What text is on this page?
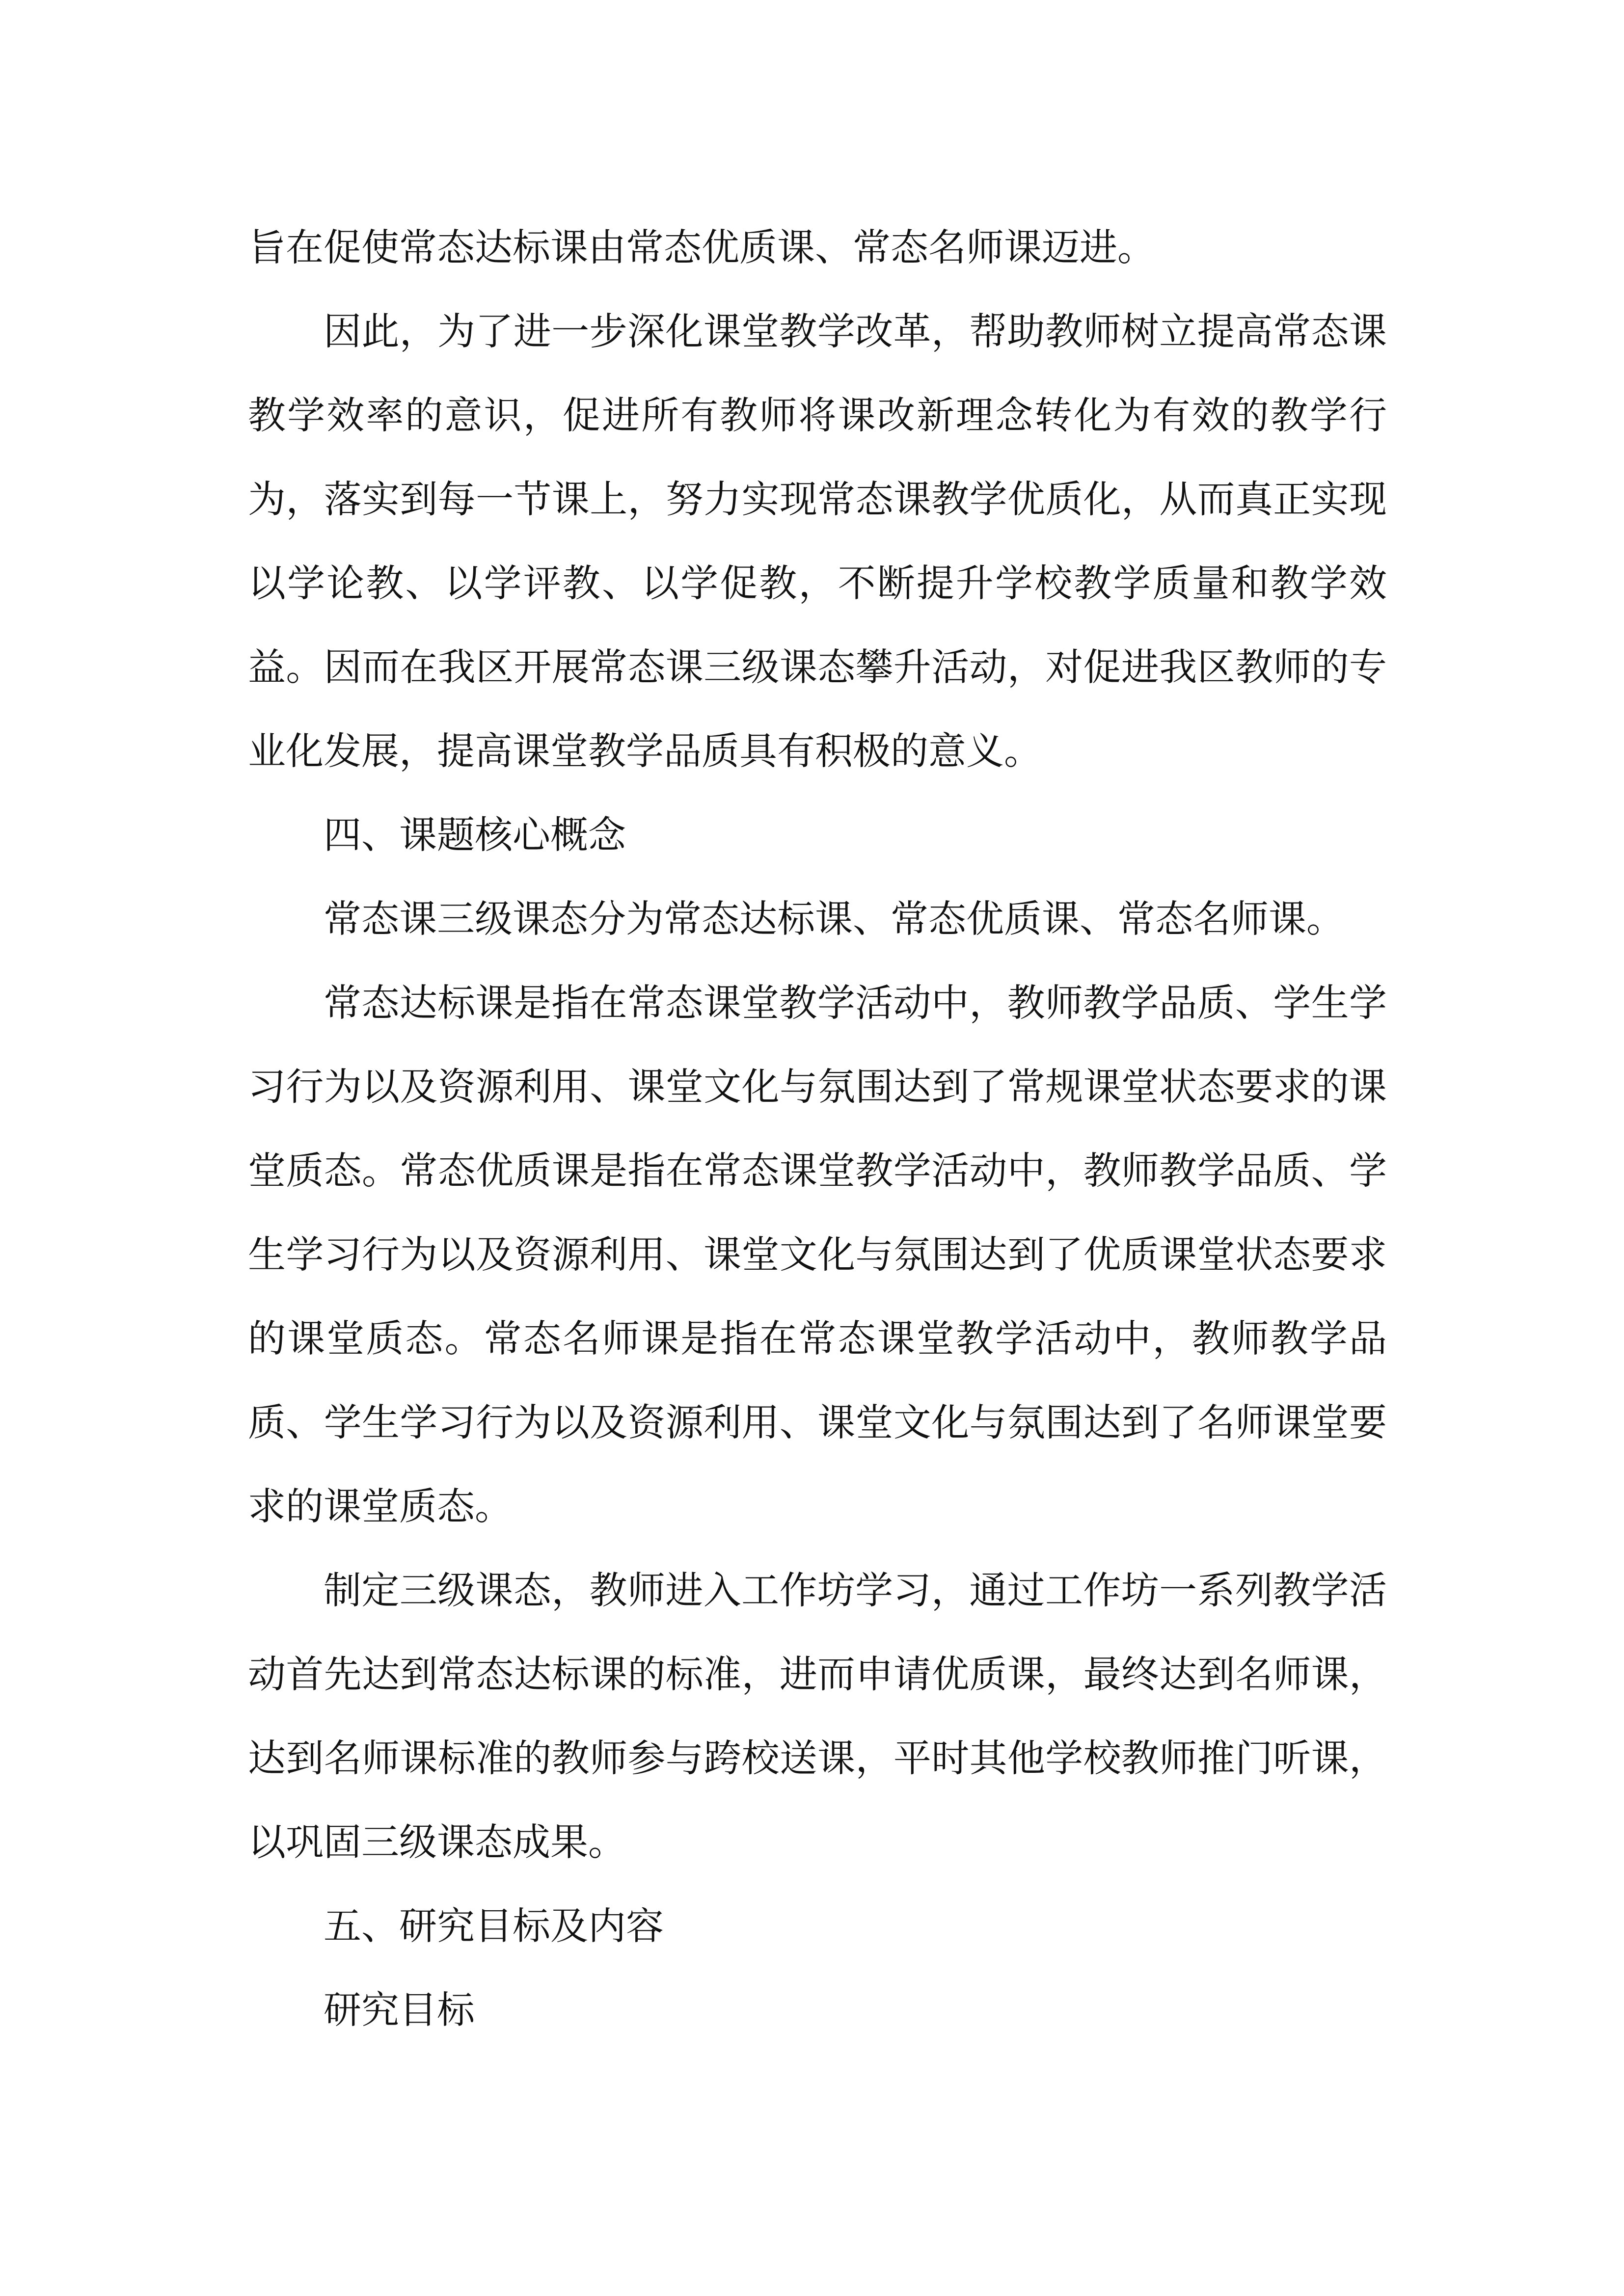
旨在促使常态达标课由常态优质课、常态名师课迈进。

因此，为了进一步深化课堂教学改革，帮助教师树立提高常态课教学效率的意识，促进所有教师将课改新理念转化为有效的教学行为，落实到每一节课上，努力实现常态课教学优质化，从而真正实现以学论教、以学评教、以学促教，不断提升学校教学质量和教学效益。因而在我区开展常态课三级课态攀升活动，对促进我区教师的专业化发展，提高课堂教学品质具有积极的意义。

四、课题核心概念

常态课三级课态分为常态达标课、常态优质课、常态名师课。

常态达标课是指在常态课堂教学活动中，教师教学品质、学生学习行为以及资源利用、课堂文化与氛围达到了常规课堂状态要求的课堂质态。常态优质课是指在常态课堂教学活动中，教师教学品质、学生学习行为以及资源利用、课堂文化与氛围达到了优质课堂状态要求的课堂质态。常态名师课是指在常态课堂教学活动中，教师教学品质、学生学习行为以及资源利用、课堂文化与氛围达到了名师课堂要求的课堂质态。

制定三级课态，教师进入工作坊学习，通过工作坊一系列教学活动首先达到常态达标课的标准，进而申请优质课，最终达到名师课，达到名师课标准的教师参与跨校送课，平时其他学校教师推门听课，以巩固三级课态成果。

五、研究目标及内容

研究目标
